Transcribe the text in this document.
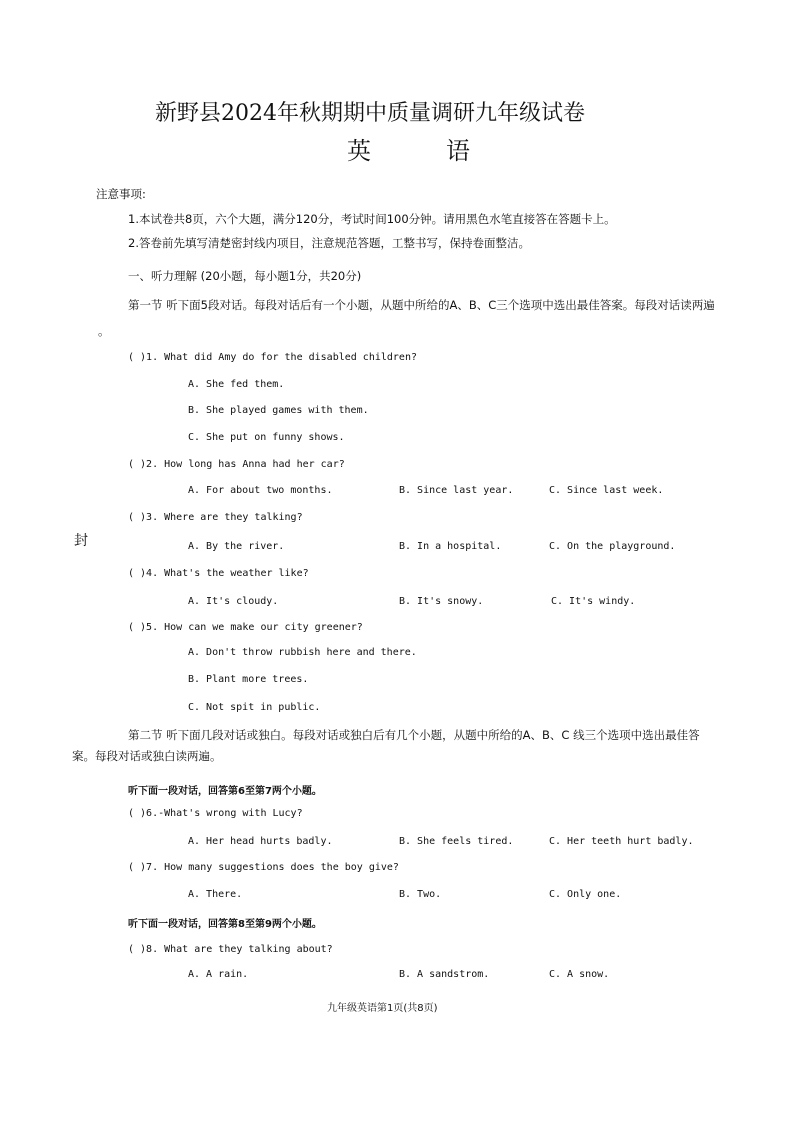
新野县2024年秋期期中质量调研九年级试卷
英	语
注意事项:
1.本试卷共8页，六个大题，满分120分，考试时间100分钟。请用黑色水笔直接答在答题卡上。
2.答卷前先填写清楚密封线内项目，注意规范答题，工整书写，保持卷面整洁。
一、听力理解 (20小题，每小题1分，共20分)
第一节 听下面5段对话。每段对话后有一个小题，从题中所给的A、B、C三个选项中选出最佳答案。每段对话读两遍
。
( )1. What did Amy do for the disabled children?
A. She fed them.
B. She played games with them.
C. She put on funny shows.
( )2. How long has Anna had her car?
A. For about two months.	B. Since last year.	C. Since last week.
( )3. Where are they talking?
封	A. By the river.	B. In a hospital.	C. On the playground.
( )4. What's the weather like?
A. It's cloudy.	B. It's snowy.	C. It's windy.
( )5. How can we make our city greener?
A. Don't throw rubbish here and there.
B. Plant more trees.
C. Not spit in public.
第二节 听下面几段对话或独白。每段对话或独白后有几个小题，从题中所给的A、B、C 线三个选项中选出最佳答
案。每段对话或独白读两遍。
听下面一段对话，回答第6至第7两个小题。
( )6.-What's wrong with Lucy?
A. Her head hurts badly.	B. She feels tired.	C. Her teeth hurt badly.
( )7. How many suggestions does the boy give?
A. There.	B. Two.	C. Only one.
听下面一段对话，回答第8至第9两个小题。
( )8. What are they talking about?
A. A rain.	B. A sandstrom.	C. A snow.
九年级英语第1页(共8页)
